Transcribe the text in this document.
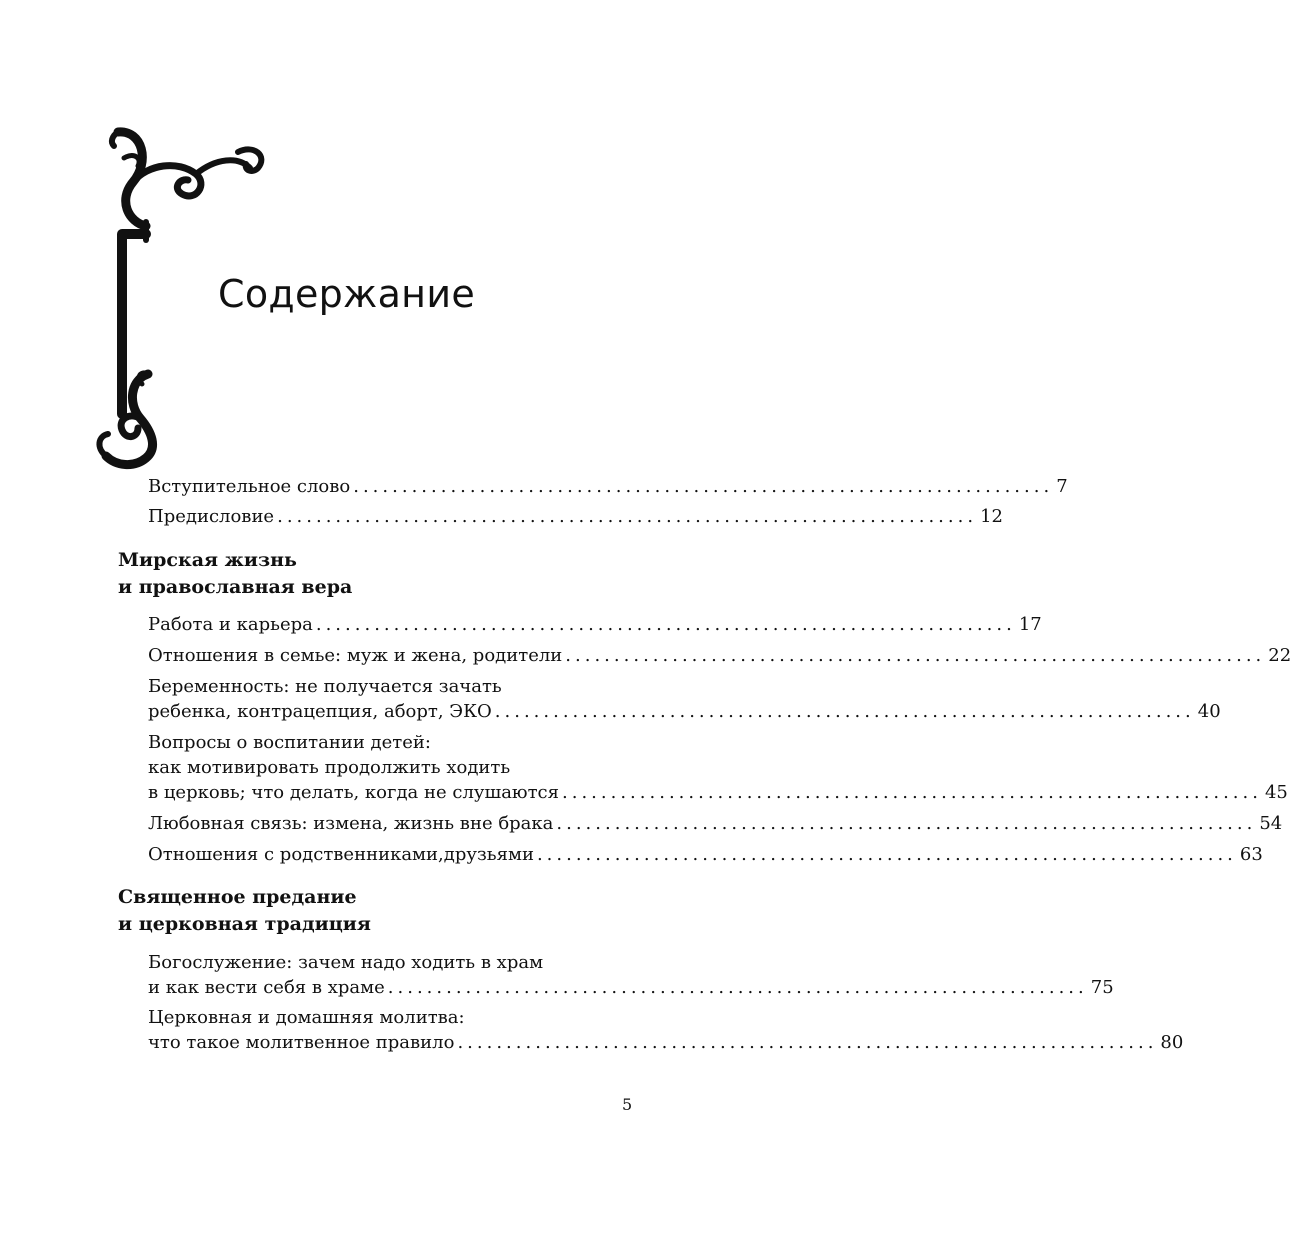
Содержание
Вступительное слово ........................................................................ 7
Предисловие ........................................................................ 12
Мирская жизнь
и православная вера
Работа и карьера ........................................................................ 17
Отношения в семье: муж и жена, родители ........................................................................ 22
Беременность: не получается зачать
ребенка, контрацепция, аборт, ЭКО ........................................................................ 40
Вопросы о воспитании детей:
как мотивировать продолжить ходить
в церковь; что делать, когда не слушаются ........................................................................ 45
Любовная связь: измена, жизнь вне брака ........................................................................ 54
Отношения с родственниками,друзьями ........................................................................ 63
Священное предание
и церковная традиция
Богослужение: зачем надо ходить в храм
и как вести себя в храме ........................................................................ 75
Церковная и домашняя молитва:
что такое молитвенное правило ........................................................................ 80
5
